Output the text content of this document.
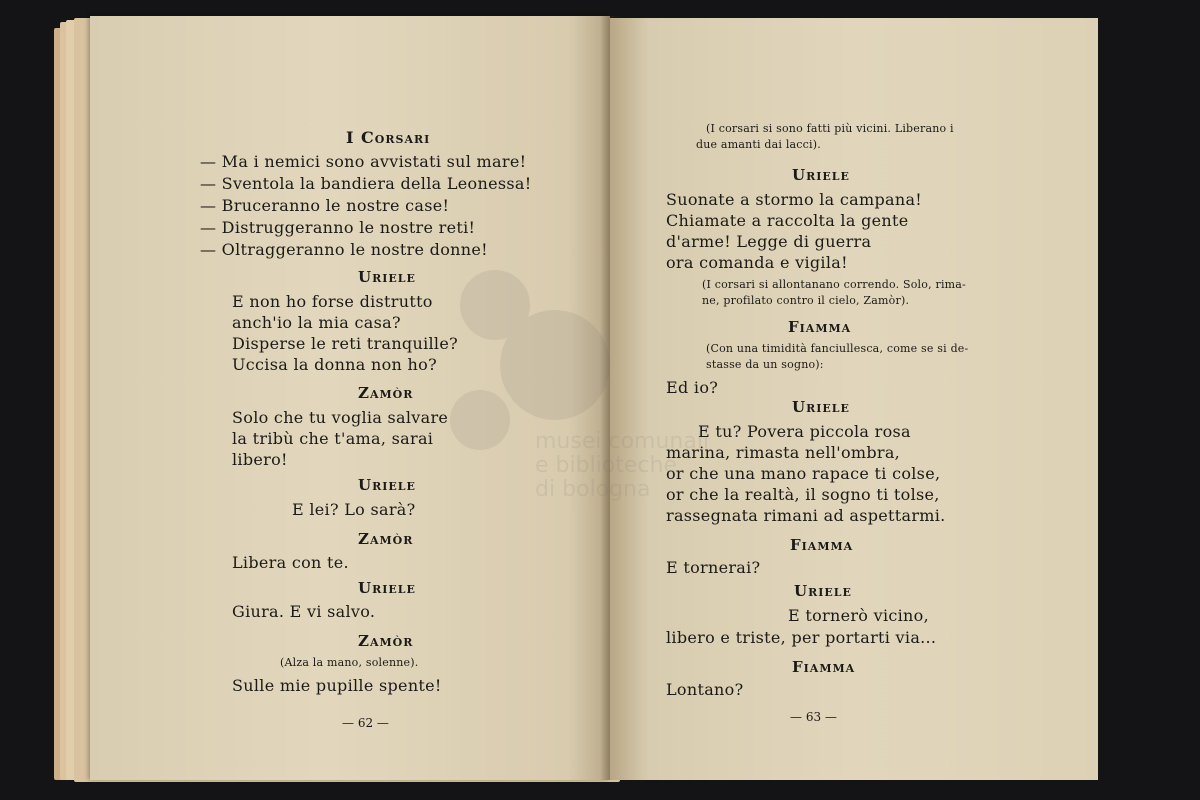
I Corsari
— Ma i nemici sono avvistati sul mare!
— Sventola la bandiera della Leonessa!
— Bruceranno le nostre case!
— Distruggeranno le nostre reti!
— Oltraggeranno le nostre donne!
Uriele
E non ho forse distrutto
anch'io la mia casa?
Disperse le reti tranquille?
Uccisa la donna non ho?
Zamòr
Solo che tu voglia salvare
la tribù che t'ama, sarai
libero!
Uriele
E lei? Lo sarà?
Zamòr
Libera con te.
Uriele
Giura. E vi salvo.
Zamòr
(Alza la mano, solenne).
Sulle mie pupille spente!
— 62 —
(I corsari si sono fatti più vicini. Liberano i
due amanti dai lacci).
Uriele
Suonate a stormo la campana!
Chiamate a raccolta la gente
d'arme! Legge di guerra
ora comanda e vigila!
(I corsari si allontanano correndo. Solo, rima-
ne, profilato contro il cielo, Zamòr).
Fiamma
(Con una timidità fanciullesca, come se si de-
stasse da un sogno):
Ed io?
Uriele
E tu? Povera piccola rosa
marina, rimasta nell'ombra,
or che una mano rapace ti colse,
or che la realtà, il sogno ti tolse,
rassegnata rimani ad aspettarmi.
Fiamma
E tornerai?
Uriele
E tornerò vicino,
libero e triste, per portarti via...
Fiamma
Lontano?
— 63 —
